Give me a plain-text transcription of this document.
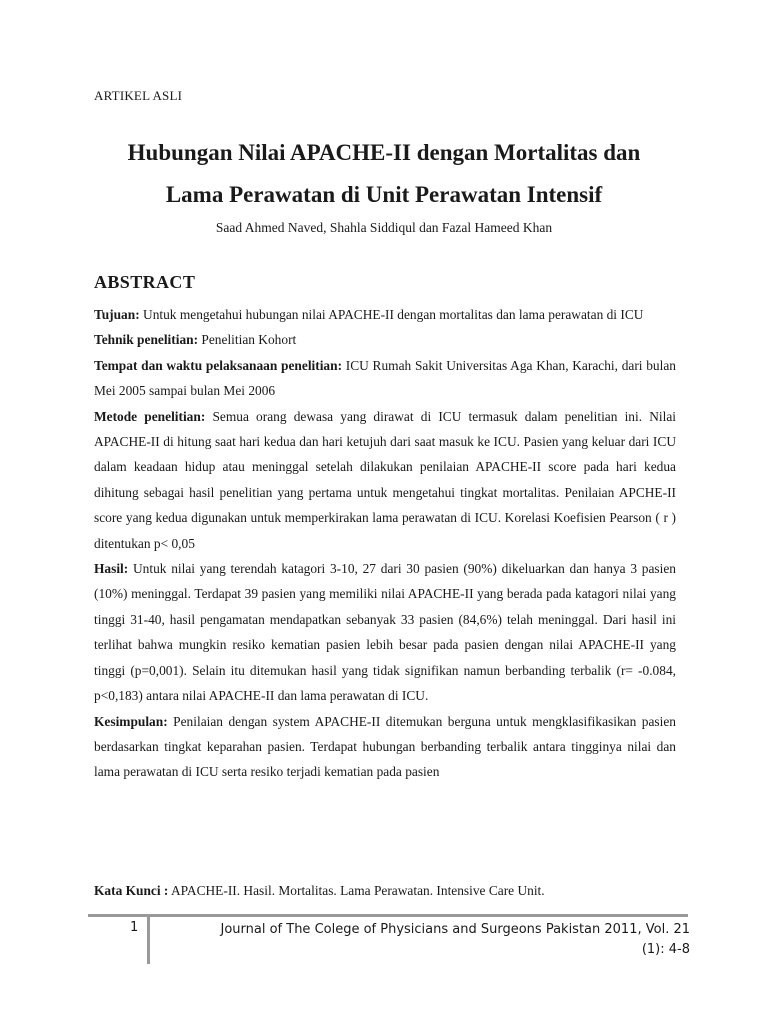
ARTIKEL ASLI
Hubungan Nilai APACHE-II dengan Mortalitas dan
Lama Perawatan di Unit Perawatan Intensif
Saad Ahmed Naved, Shahla Siddiqul dan Fazal Hameed Khan
ABSTRACT

Tujuan: Untuk mengetahui hubungan nilai APACHE-II dengan mortalitas dan lama perawatan di ICU

Tehnik penelitian: Penelitian Kohort

Tempat dan waktu pelaksanaan penelitian: ICU Rumah Sakit Universitas Aga Khan, Karachi, dari bulan Mei 2005 sampai bulan Mei 2006

Metode penelitian: Semua orang dewasa yang dirawat di ICU termasuk dalam penelitian ini. Nilai APACHE-II di hitung saat hari kedua dan hari ketujuh dari saat masuk ke ICU. Pasien yang keluar dari ICU dalam keadaan hidup atau meninggal setelah dilakukan penilaian APACHE-II score pada hari kedua dihitung sebagai hasil penelitian yang pertama untuk mengetahui tingkat mortalitas. Penilaian APCHE-II score yang kedua digunakan untuk memperkirakan lama perawatan di ICU. Korelasi Koefisien Pearson ( r ) ditentukan p< 0,05

Hasil: Untuk nilai yang terendah katagori 3-10, 27 dari 30 pasien (90%) dikeluarkan dan hanya 3 pasien (10%) meninggal. Terdapat 39 pasien yang memiliki nilai APACHE-II yang berada pada katagori nilai yang tinggi 31-40, hasil pengamatan mendapatkan sebanyak 33 pasien (84,6%) telah meninggal. Dari hasil ini terlihat bahwa mungkin resiko kematian pasien lebih besar pada pasien dengan nilai APACHE-II yang tinggi (p=0,001). Selain itu ditemukan hasil yang tidak signifikan namun berbanding terbalik (r= -0.084, p<0,183) antara nilai APACHE-II dan lama perawatan di ICU.

Kesimpulan: Penilaian dengan system APACHE-II ditemukan berguna untuk mengklasifikasikan pasien berdasarkan tingkat keparahan pasien. Terdapat hubungan berbanding terbalik antara tingginya nilai dan lama perawatan di ICU serta resiko terjadi kematian pada pasien

Kata Kunci : APACHE-II. Hasil. Mortalitas. Lama Perawatan. Intensive Care Unit.
1	Journal of The Colege of Physicians and Surgeons Pakistan 2011, Vol. 21
(1): 4-8
